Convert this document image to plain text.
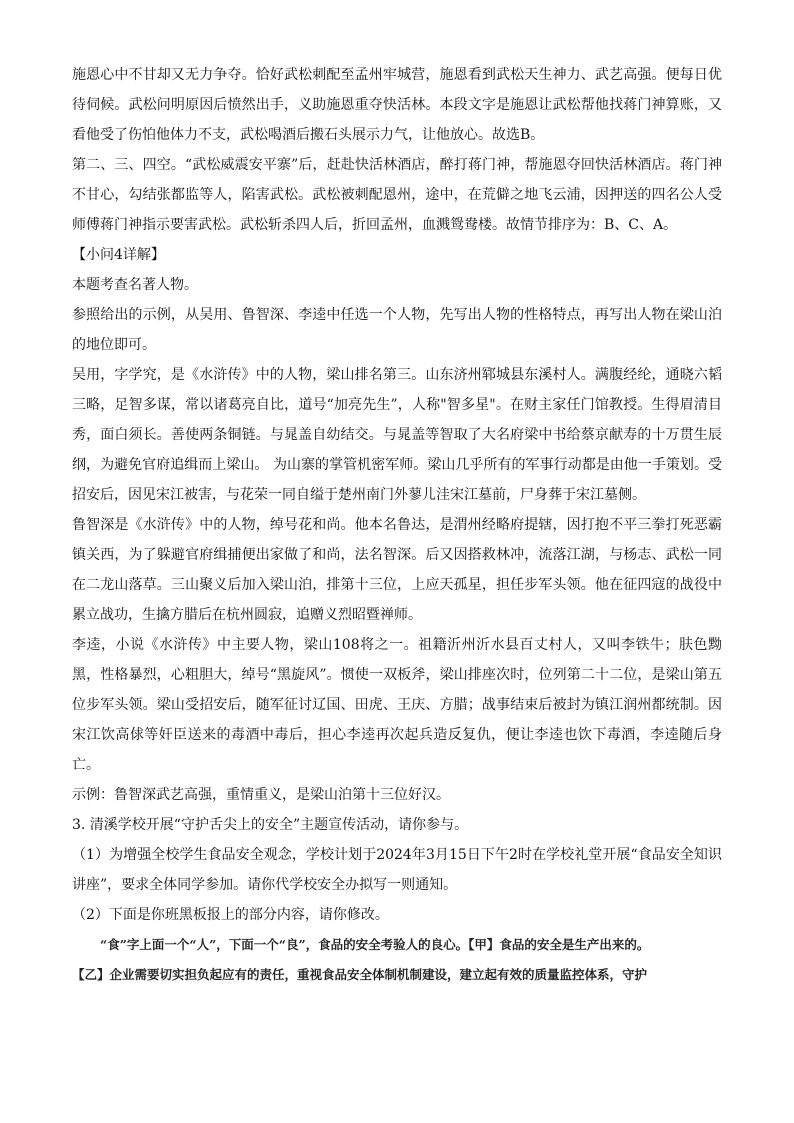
施恩心中不甘却又无力争夺。恰好武松刺配至孟州牢城营，施恩看到武松天生神力、武艺高强。便每日优待伺候。武松问明原因后愤然出手，义助施恩重夺快活林。本段文字是施恩让武松帮他找蒋门神算账，又看他受了伤怕他体力不支，武松喝酒后搬石头展示力气，让他放心。故选B。

第二、三、四空。“武松威震安平寨”后，赶赴快活林酒店，醉打蒋门神，帮施恩夺回快活林酒店。蒋门神不甘心，勾结张都监等人，陷害武松。武松被刺配恩州，途中，在荒僻之地飞云浦，因押送的四名公人受师傅蒋门神指示要害武松。武松斩杀四人后，折回孟州，血溅鸳鸯楼。故情节排序为：B、C、A。

【小问4详解】

本题考查名著人物。

参照给出的示例，从吴用、鲁智深、李逵中任选一个人物，先写出人物的性格特点，再写出人物在梁山泊的地位即可。

吴用，字学究，是《水浒传》中的人物，梁山排名第三。山东济州郓城县东溪村人。满腹经纶，通晓六韬三略，足智多谋，常以诸葛亮自比，道号“加亮先生”，人称"智多星"。在财主家任门馆教授。生得眉清目秀，面白须长。善使两条铜链。与晁盖自幼结交。与晁盖等智取了大名府梁中书给蔡京献寿的十万贯生辰纲，为避免官府追缉而上梁山。 为山寨的掌管机密军师。梁山几乎所有的军事行动都是由他一手策划。受招安后，因见宋江被害，与花荣一同自缢于楚州南门外蓼儿洼宋江墓前，尸身葬于宋江墓侧。

鲁智深是《水浒传》中的人物，绰号花和尚。他本名鲁达，是渭州经略府提辖，因打抱不平三拳打死恶霸镇关西，为了躲避官府缉捕便出家做了和尚，法名智深。后又因搭救林冲，流落江湖，与杨志、武松一同在二龙山落草。三山聚义后加入梁山泊，排第十三位，上应天孤星，担任步军头领。他在征四寇的战役中累立战功，生擒方腊后在杭州圆寂，追赠义烈昭暨禅师。

李逵，小说《水浒传》中主要人物，梁山108将之一。祖籍沂州沂水县百丈村人，又叫李铁牛；肤色黝黑，性格暴烈，心粗胆大，绰号“黑旋风”。惯使一双板斧，梁山排座次时，位列第二十二位，是梁山第五位步军头领。梁山受招安后，随军征讨辽国、田虎、王庆、方腊；战事结束后被封为镇江润州都统制。因宋江饮高俅等奸臣送来的毒酒中毒后，担心李逵再次起兵造反复仇，便让李逵也饮下毒酒，李逵随后身亡。

示例：鲁智深武艺高强，重情重义，是梁山泊第十三位好汉。

3. 清溪学校开展“守护舌尖上的安全”主题宣传活动，请你参与。

（1）为增强全校学生食品安全观念，学校计划于2024年3月15日下午2时在学校礼堂开展“食品安全知识讲座”，要求全体同学参加。请你代学校安全办拟写一则通知。

（2）下面是你班黑板报上的部分内容，请你修改。

“食”字上面一个“人”，下面一个“良”，食品的安全考验人的良心。【甲】食品的安全是生产出来的。

【乙】企业需要切实担负起应有的责任，重视食品安全体制机制建设，建立起有效的质量监控体系，守护
